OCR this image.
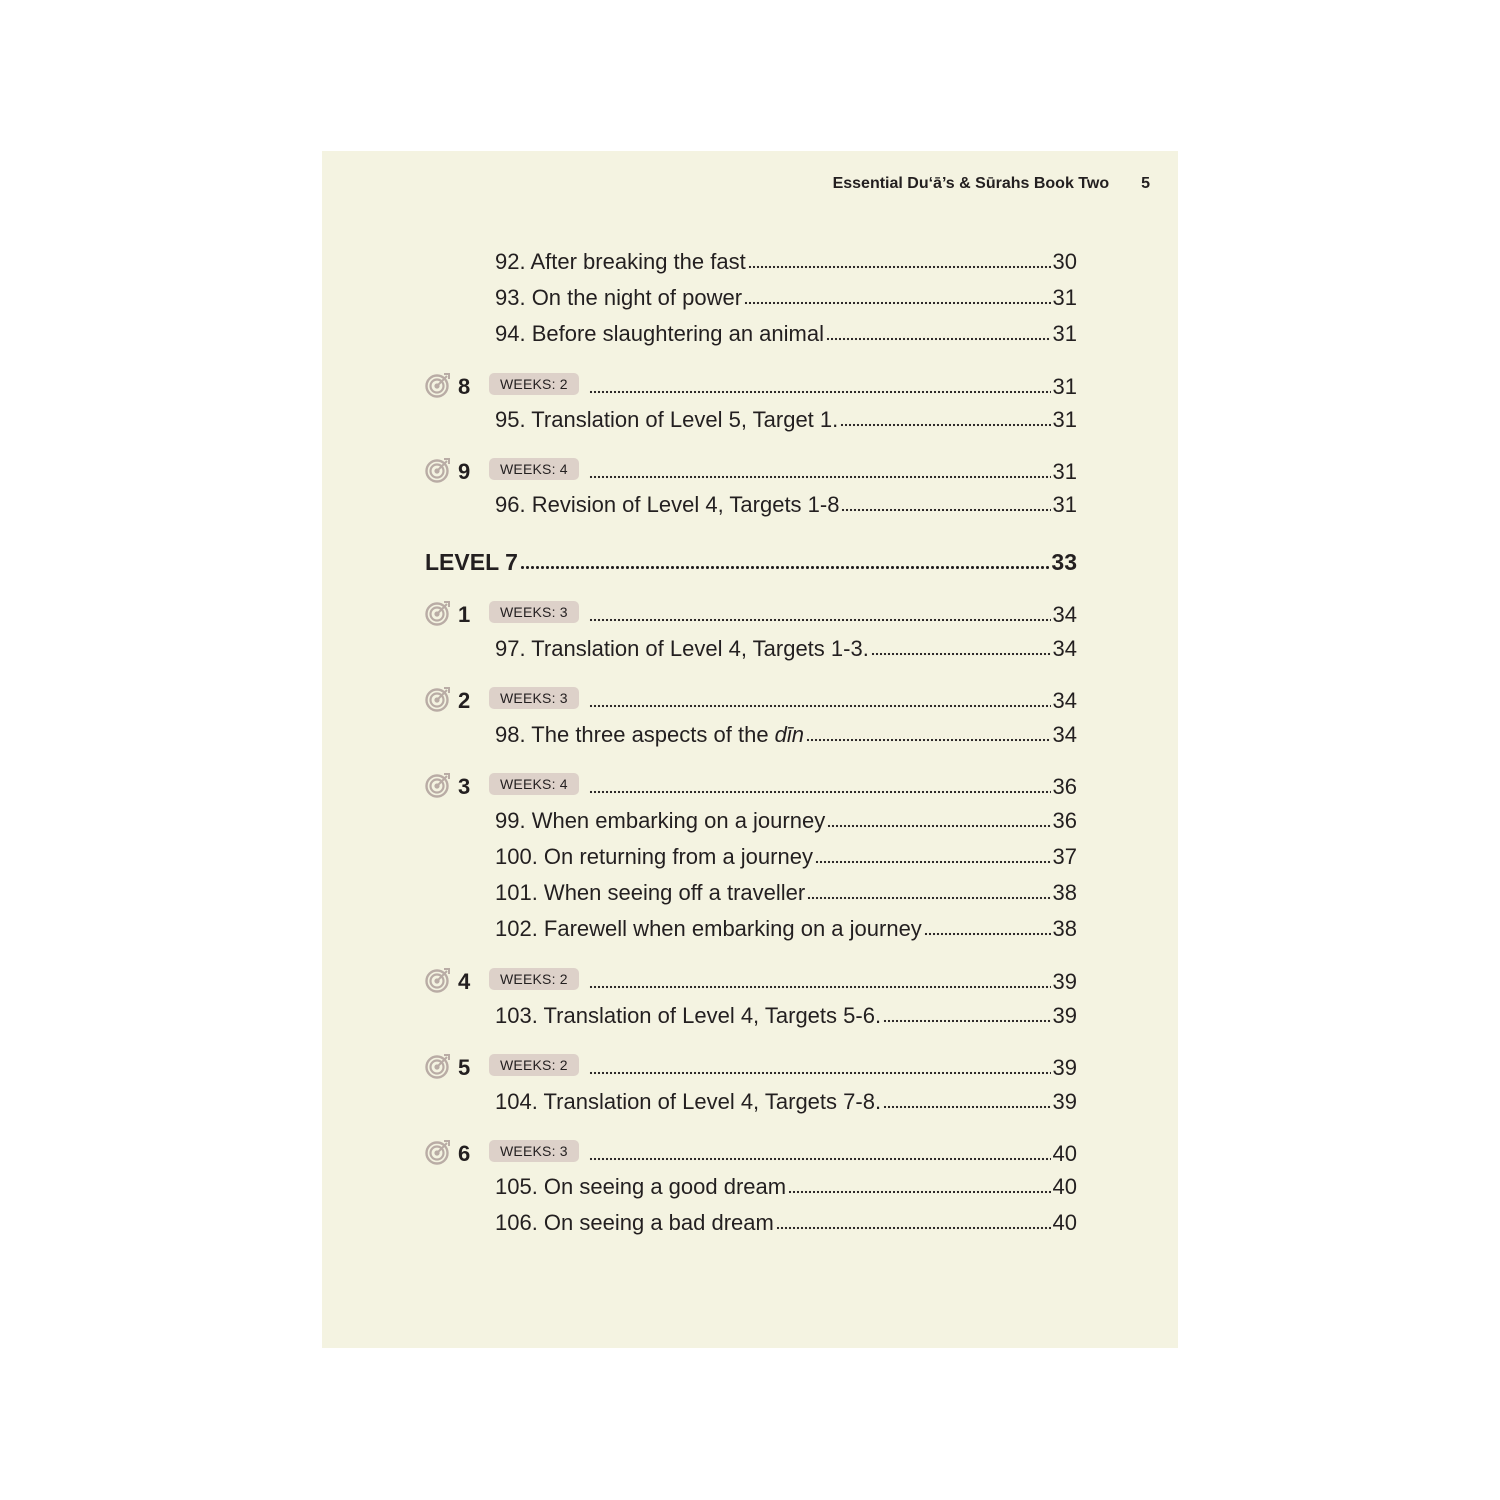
Essential Du‘ā’s & Sūrahs Book Two 5
92. After breaking the fast	30
93. On the night of power	31
94. Before slaughtering an animal	31
8	WEEKS: 2	31
95. Translation of Level 5, Target 1.	31
9	WEEKS: 4	31
96. Revision of Level 4, Targets 1-8	31
LEVEL 7	33
1	WEEKS: 3	34
97. Translation of Level 4, Targets 1-3.	34
2	WEEKS: 3	34
98. The three aspects of the dīn	34
3	WEEKS: 4	36
99. When embarking on a journey	36
100. On returning from a journey	37
101. When seeing off a traveller	38
102. Farewell when embarking on a journey	38
4	WEEKS: 2	39
103. Translation of Level 4, Targets 5-6.	39
5	WEEKS: 2	39
104. Translation of Level 4, Targets 7-8.	39
6	WEEKS: 3	40
105. On seeing a good dream	40
106. On seeing a bad dream	40
